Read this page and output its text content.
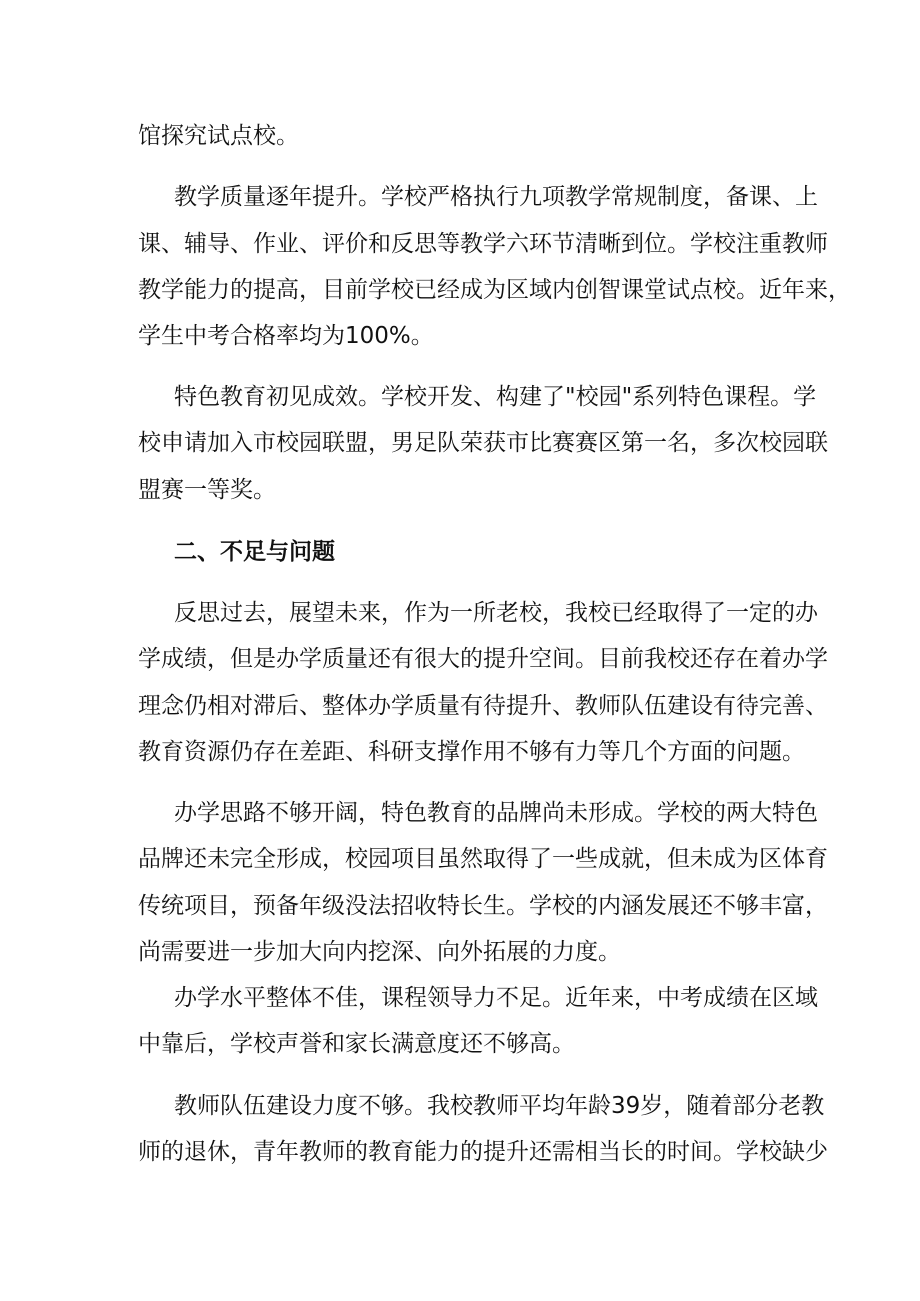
馆探究试点校。
教学质量逐年提升。学校严格执行九项教学常规制度，备课、上
课、辅导、作业、评价和反思等教学六环节清晰到位。学校注重教师
教学能力的提高，目前学校已经成为区域内创智课堂试点校。近年来，
学生中考合格率均为100%。
特色教育初见成效。学校开发、构建了"校园"系列特色课程。学
校申请加入市校园联盟，男足队荣获市比赛赛区第一名，多次校园联
盟赛一等奖。
二、不足与问题
反思过去，展望未来，作为一所老校，我校已经取得了一定的办
学成绩，但是办学质量还有很大的提升空间。目前我校还存在着办学
理念仍相对滞后、整体办学质量有待提升、教师队伍建设有待完善、
教育资源仍存在差距、科研支撑作用不够有力等几个方面的问题。
办学思路不够开阔，特色教育的品牌尚未形成。学校的两大特色
品牌还未完全形成，校园项目虽然取得了一些成就，但未成为区体育
传统项目，预备年级没法招收特长生。学校的内涵发展还不够丰富，
尚需要进一步加大向内挖深、向外拓展的力度。
办学水平整体不佳，课程领导力不足。近年来，中考成绩在区域
中靠后，学校声誉和家长满意度还不够高。
教师队伍建设力度不够。我校教师平均年龄39岁，随着部分老教
师的退休，青年教师的教育能力的提升还需相当长的时间。学校缺少
